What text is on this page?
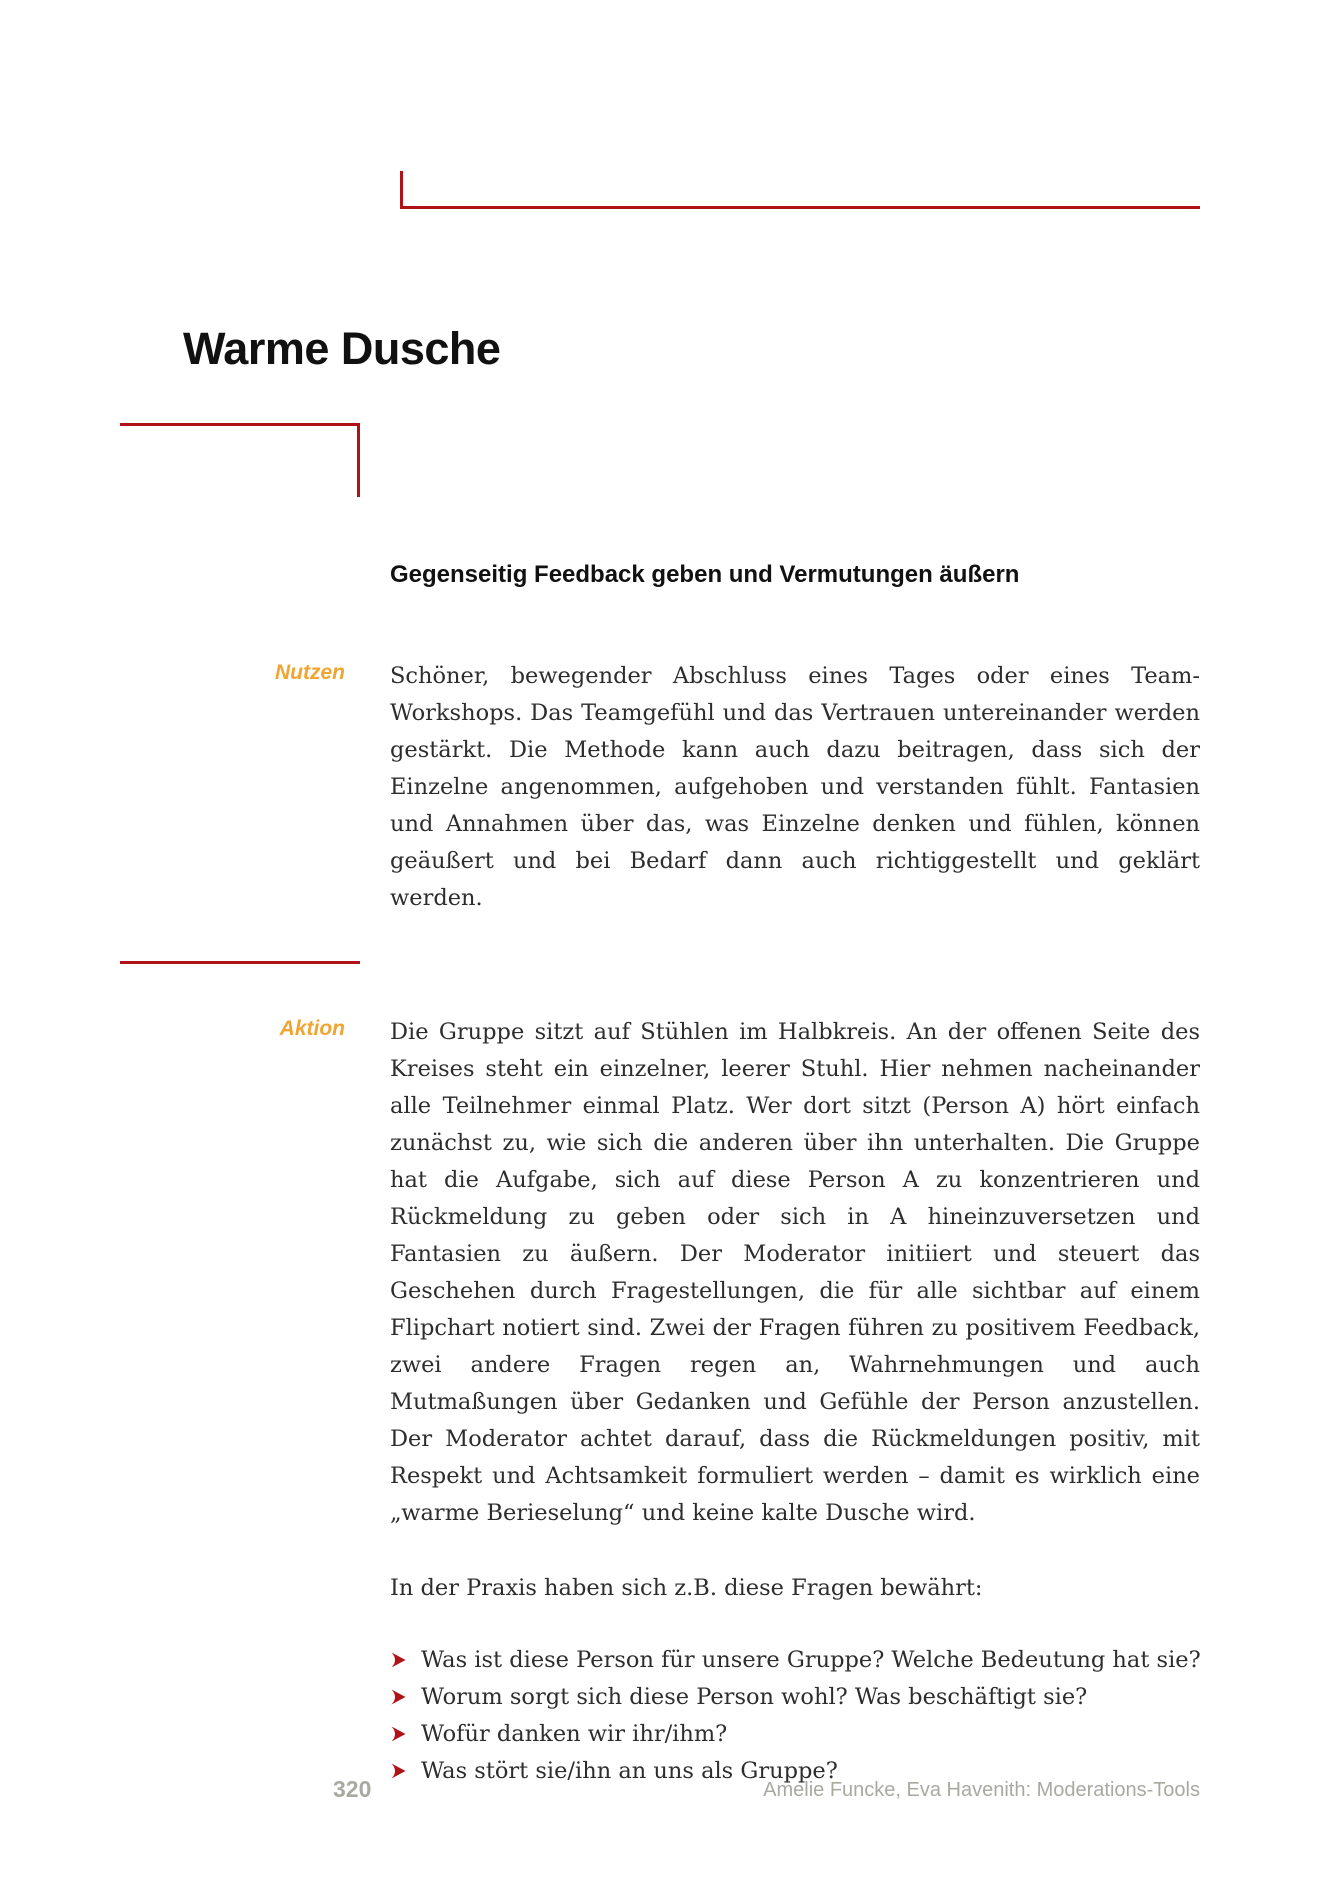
Warme Dusche
Gegenseitig Feedback geben und Vermutungen äußern
Nutzen Schöner, bewegender Abschluss eines Tages oder eines Team-Workshops. Das Teamgefühl und das Vertrauen untereinander werden gestärkt. Die Methode kann auch dazu beitragen, dass sich der Einzelne angenommen, aufgehoben und verstanden fühlt. Fantasien und Annahmen über das, was Einzelne denken und fühlen, können geäußert und bei Bedarf dann auch richtiggestellt und geklärt werden.

Aktion Die Gruppe sitzt auf Stühlen im Halbkreis. An der offenen Seite des Kreises steht ein einzelner, leerer Stuhl. Hier nehmen nacheinander alle Teilnehmer einmal Platz. Wer dort sitzt (Person A) hört einfach zunächst zu, wie sich die anderen über ihn unterhalten. Die Gruppe hat die Aufgabe, sich auf diese Person A zu konzentrieren und Rückmeldung zu geben oder sich in A hineinzuversetzen und Fantasien zu äußern. Der Moderator initiiert und steuert das Geschehen durch Fragestellungen, die für alle sichtbar auf einem Flipchart notiert sind. Zwei der Fragen führen zu positivem Feedback, zwei andere Fragen regen an, Wahrnehmungen und auch Mutmaßungen über Gedanken und Gefühle der Person anzustellen. Der Moderator achtet darauf, dass die Rückmeldungen positiv, mit Respekt und Achtsamkeit formuliert werden – damit es wirklich eine „warme Berieselung“ und keine kalte Dusche wird.

In der Praxis haben sich z.B. diese Fragen bewährt:

Was ist diese Person für unsere Gruppe? Welche Bedeutung hat sie?
Worum sorgt sich diese Person wohl? Was beschäftigt sie?
Wofür danken wir ihr/ihm?
Was stört sie/ihn an uns als Gruppe?
320	Amelie Funcke, Eva Havenith: Moderations-Tools
